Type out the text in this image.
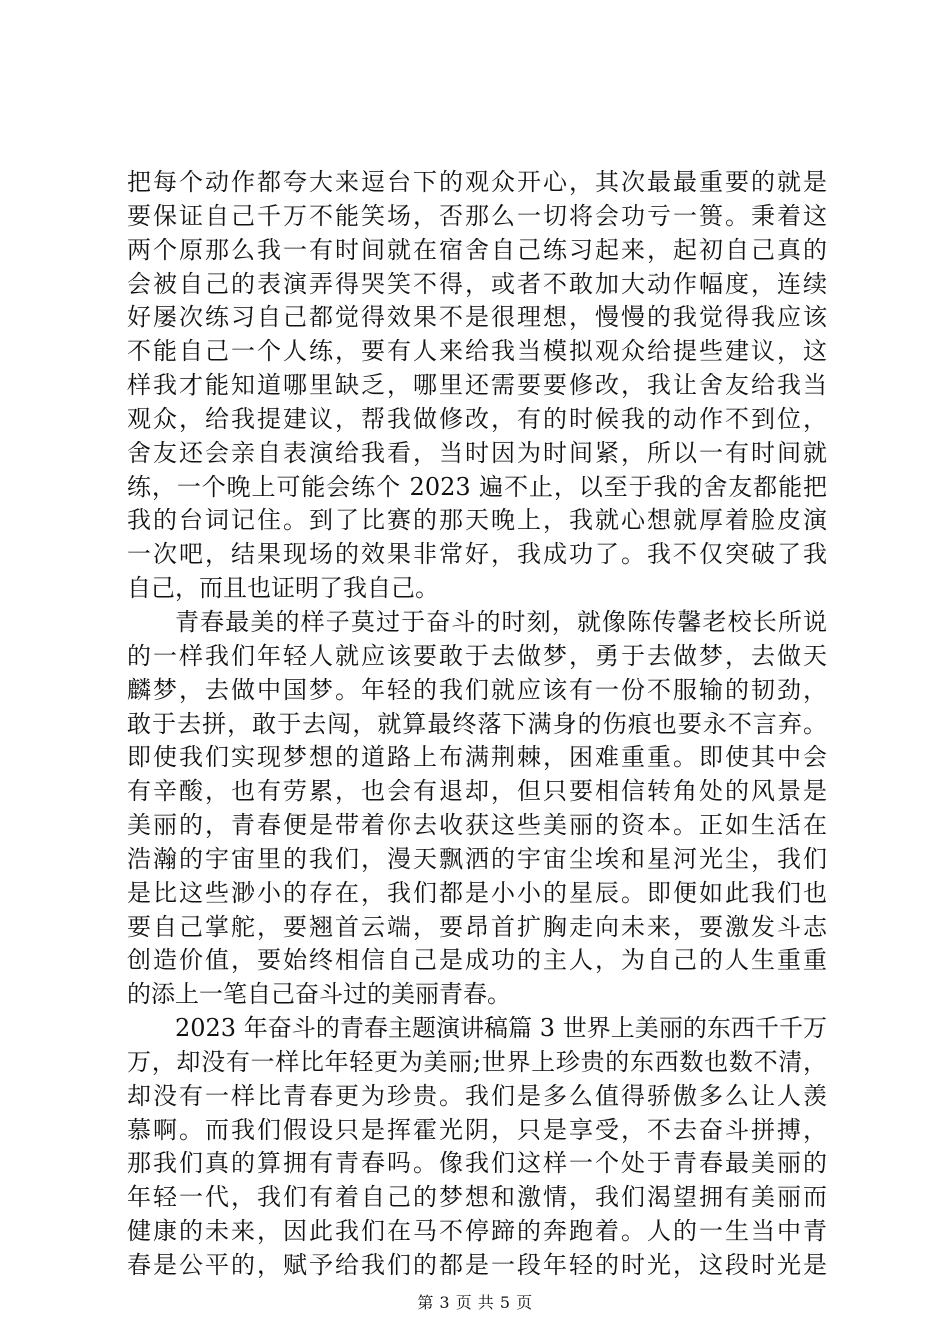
把每个动作都夸大来逗台下的观众开心，其次最最重要的就是
要保证自己千万不能笑场，否那么一切将会功亏一篑。秉着这
两个原那么我一有时间就在宿舍自己练习起来，起初自己真的
会被自己的表演弄得哭笑不得，或者不敢加大动作幅度，连续
好屡次练习自己都觉得效果不是很理想，慢慢的我觉得我应该
不能自己一个人练，要有人来给我当模拟观众给提些建议，这
样我才能知道哪里缺乏，哪里还需要要修改，我让舍友给我当
观众，给我提建议，帮我做修改，有的时候我的动作不到位，
舍友还会亲自表演给我看，当时因为时间紧，所以一有时间就
练，一个晚上可能会练个 2023 遍不止，以至于我的舍友都能把
我的台词记住。到了比赛的那天晚上，我就心想就厚着脸皮演
一次吧，结果现场的效果非常好，我成功了。我不仅突破了我
自己，而且也证明了我自己。
青春最美的样子莫过于奋斗的时刻，就像陈传馨老校长所说
的一样我们年轻人就应该要敢于去做梦，勇于去做梦，去做天
麟梦，去做中国梦。年轻的我们就应该有一份不服输的韧劲，
敢于去拼，敢于去闯，就算最终落下满身的伤痕也要永不言弃。
即使我们实现梦想的道路上布满荆棘，困难重重。即使其中会
有辛酸，也有劳累，也会有退却，但只要相信转角处的风景是
美丽的，青春便是带着你去收获这些美丽的资本。正如生活在
浩瀚的宇宙里的我们，漫天飘洒的宇宙尘埃和星河光尘，我们
是比这些渺小的存在，我们都是小小的星辰。即便如此我们也
要自己掌舵，要翘首云端，要昂首扩胸走向未来，要激发斗志
创造价值，要始终相信自己是成功的主人，为自己的人生重重
的添上一笔自己奋斗过的美丽青春。
2023 年奋斗的青春主题演讲稿篇 3 世界上美丽的东西千千万
万，却没有一样比年轻更为美丽;世界上珍贵的东西数也数不清，
却没有一样比青春更为珍贵。我们是多么值得骄傲多么让人羡
慕啊。而我们假设只是挥霍光阴，只是享受，不去奋斗拼搏，
那我们真的算拥有青春吗。像我们这样一个处于青春最美丽的
年轻一代，我们有着自己的梦想和激情，我们渴望拥有美丽而
健康的未来，因此我们在马不停蹄的奔跑着。人的一生当中青
春是公平的，赋予给我们的都是一段年轻的时光，这段时光是
第 3 页 共 5 页
